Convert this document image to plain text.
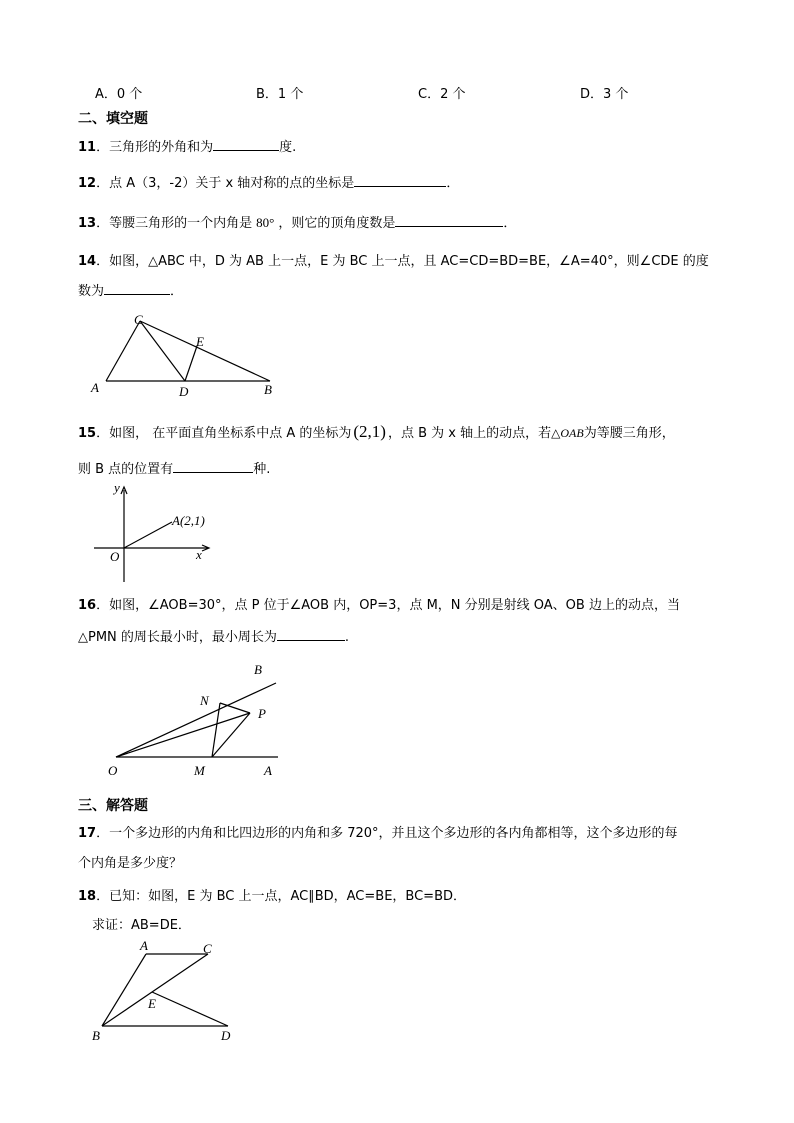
A．0 个	B．1 个	C．2 个	D．3 个
二、填空题
11．三角形的外角和为	度.
12．点 A（3，-2）关于 x 轴对称的点的坐标是	．
13．等腰三角形的一个内角是 80° ，则它的顶角度数是	．
14．如图，△ABC 中，D 为 AB 上一点，E 为 BC 上一点，且 AC=CD=BD=BE，∠A=40°，则∠CDE 的度
数为	．
A
C
E
D	B
15．如图， 在平面直角坐标系中点 A 的坐标为 (2,1) ，点 B 为 x 轴上的动点，若△OAB为等腰三角形，
则 B 点的位置有	种.
y
x
O
A(2,1)
16．如图，∠AOB=30°，点 P 位于∠AOB 内，OP=3，点 M，N 分别是射线 OA、OB 边上的动点，当
△PMN 的周长最小时，最小周长为	.
B
N
P
O	M	A
三、解答题
17．一个多边形的内角和比四边形的内角和多 720°，并且这个多边形的各内角都相等，这个多边形的每
个内角是多少度？
18．已知：如图，E 为 BC 上一点，AC∥BD，AC=BE，BC=BD．
求证：AB=DE．
A	C
E
B	D
